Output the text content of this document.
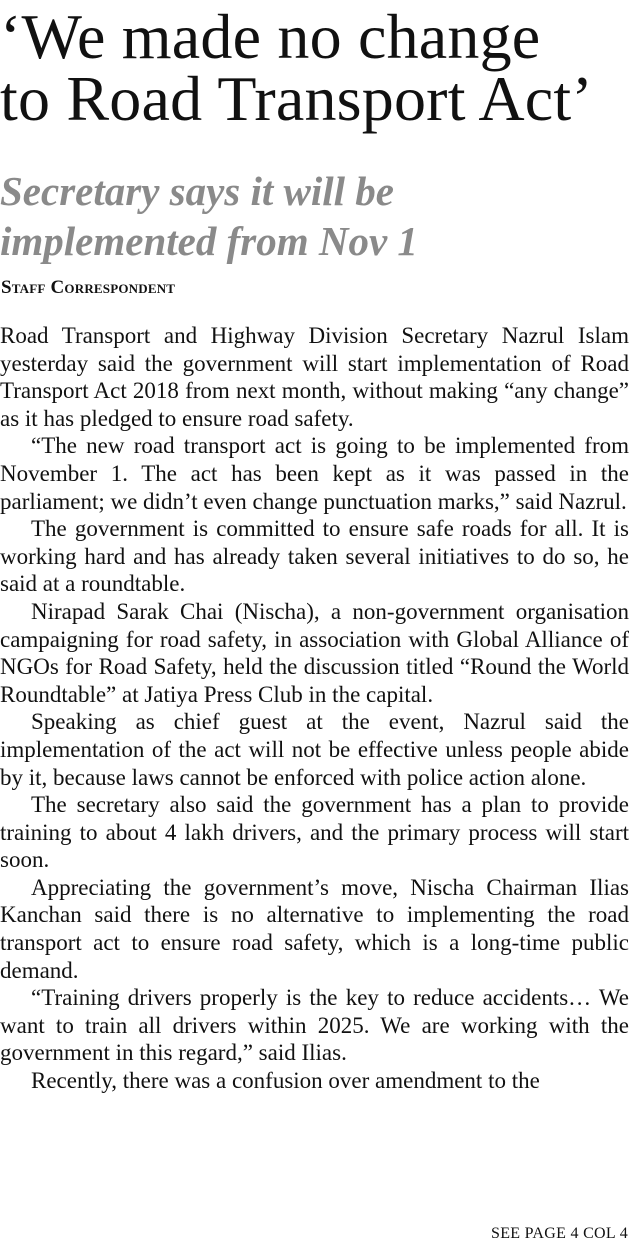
‘We made no change
to Road Transport Act’
Secretary says it will be
implemented from Nov 1
Staff Correspondent

Road Transport and Highway Division Secretary Nazrul Islam yesterday said the government will start implementation of Road Transport Act 2018 from next month, without making “any change” as it has pledged to ensure road safety.

“The new road transport act is going to be implemented from November 1. The act has been kept as it was passed in the parliament; we didn’t even change punctuation marks,” said Nazrul.

The government is committed to ensure safe roads for all. It is working hard and has already taken several initiatives to do so, he said at a roundtable.

Nirapad Sarak Chai (Nischa), a non-government organisation campaigning for road safety, in association with Global Alliance of NGOs for Road Safety, held the discussion titled “Round the World Roundtable” at Jatiya Press Club in the capital.

Speaking as chief guest at the event, Nazrul said the implementation of the act will not be effective unless people abide by it, because laws cannot be enforced with police action alone.

The secretary also said the government has a plan to provide training to about 4 lakh drivers, and the primary process will start soon.

Appreciating the government’s move, Nischa Chairman Ilias Kanchan said there is no alternative to implementing the road transport act to ensure road safety, which is a long-time public demand.

“Training drivers properly is the key to reduce accidents… We want to train all drivers within 2025. We are working with the government in this regard,” said Ilias.

Recently, there was a confusion over amendment to the

SEE PAGE 4 COL 4
